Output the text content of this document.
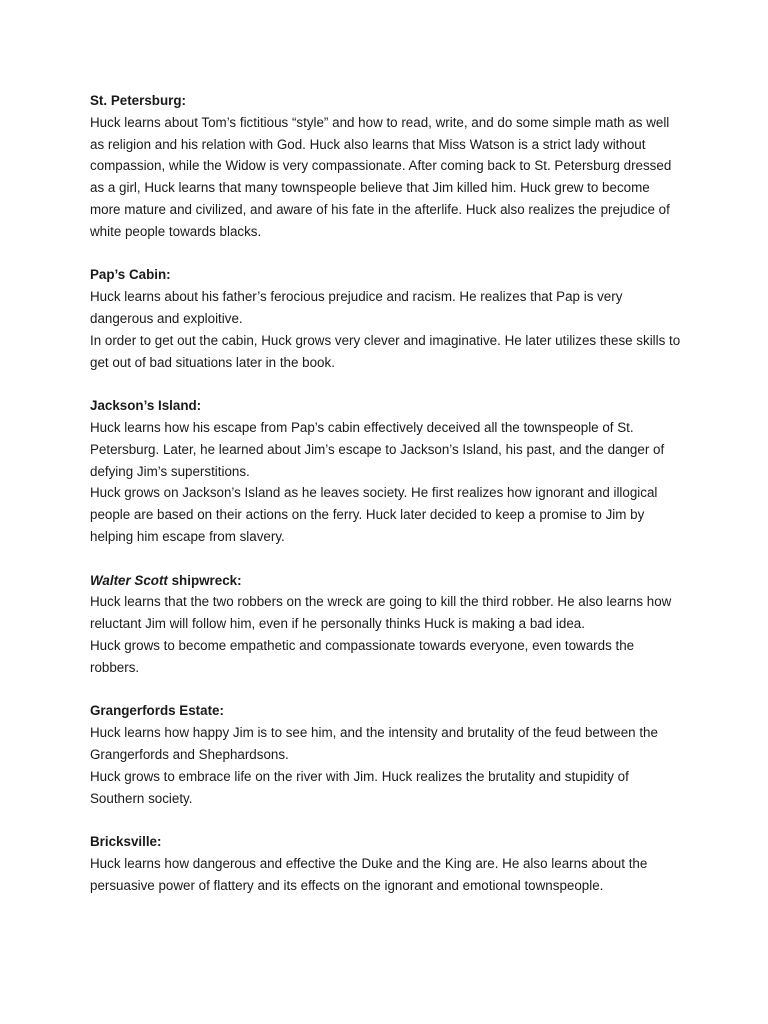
St. Petersburg:

Huck learns about Tom’s fictitious “style” and how to read, write, and do some simple math as well as religion and his relation with God. Huck also learns that Miss Watson is a strict lady without compassion, while the Widow is very compassionate. After coming back to St. Petersburg dressed as a girl, Huck learns that many townspeople believe that Jim killed him. Huck grew to become more mature and civilized, and aware of his fate in the afterlife. Huck also realizes the prejudice of white people towards blacks.

Pap’s Cabin:

Huck learns about his father’s ferocious prejudice and racism. He realizes that Pap is very dangerous and exploitive.

In order to get out the cabin, Huck grows very clever and imaginative. He later utilizes these skills to get out of bad situations later in the book.

Jackson’s Island:

Huck learns how his escape from Pap’s cabin effectively deceived all the townspeople of St. Petersburg. Later, he learned about Jim’s escape to Jackson’s Island, his past, and the danger of defying Jim’s superstitions.

Huck grows on Jackson’s Island as he leaves society. He first realizes how ignorant and illogical people are based on their actions on the ferry. Huck later decided to keep a promise to Jim by helping him escape from slavery.

Walter Scott shipwreck:

Huck learns that the two robbers on the wreck are going to kill the third robber. He also learns how reluctant Jim will follow him, even if he personally thinks Huck is making a bad idea.

Huck grows to become empathetic and compassionate towards everyone, even towards the robbers.

Grangerfords Estate:

Huck learns how happy Jim is to see him, and the intensity and brutality of the feud between the Grangerfords and Shephardsons.

Huck grows to embrace life on the river with Jim. Huck realizes the brutality and stupidity of Southern society.

Bricksville:

Huck learns how dangerous and effective the Duke and the King are. He also learns about the persuasive power of flattery and its effects on the ignorant and emotional townspeople.
